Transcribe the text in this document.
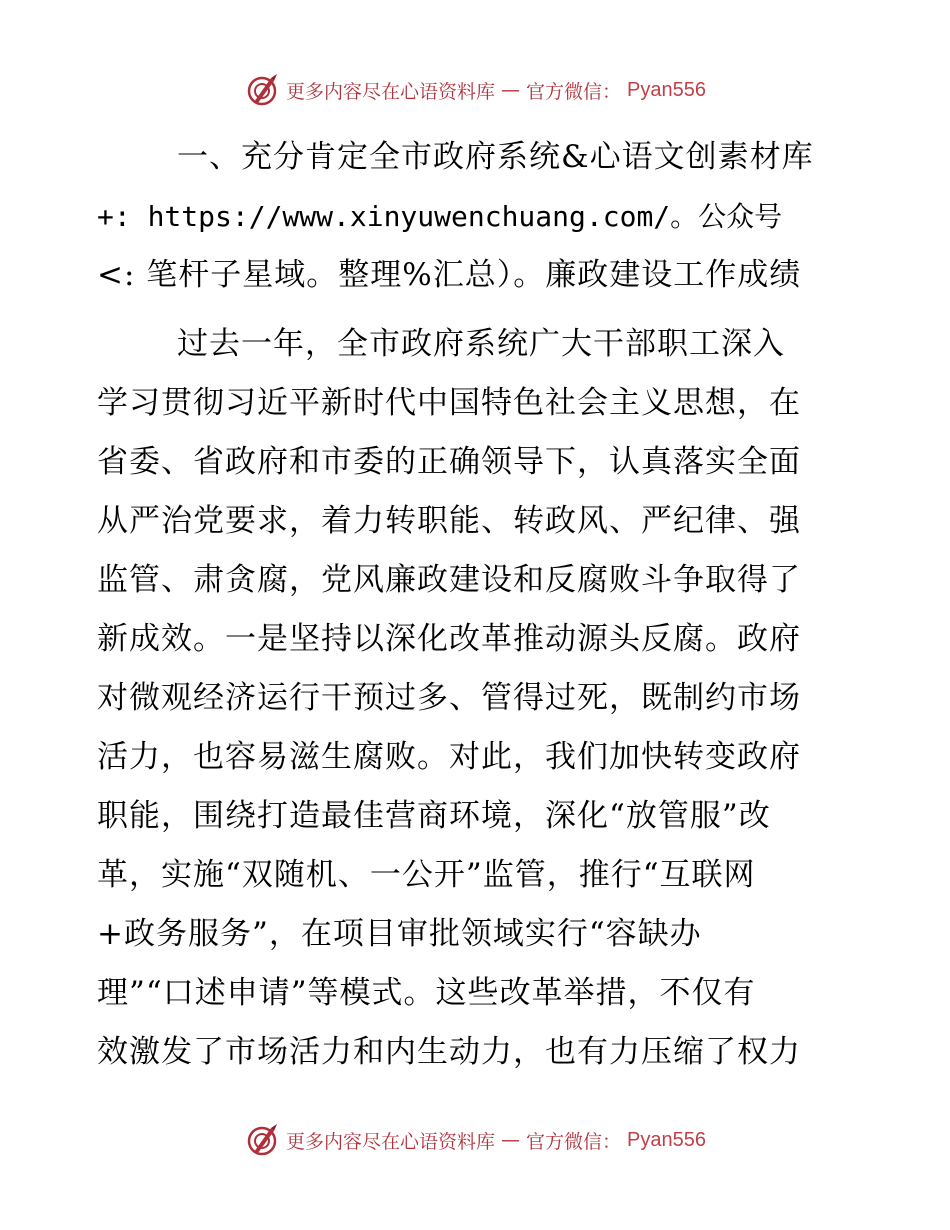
更多内容尽在心语资料库 — 官方微信： Pyan556
一、充分肯定全市政府系统&心语文创素材库
+: https://www.xinyuwenchuang.com/。公众号
<: 笔杆子星域。整理%汇总）。廉政建设工作成绩
过去一年，全市政府系统广大干部职工深入
学习贯彻习近平新时代中国特色社会主义思想，在
省委、省政府和市委的正确领导下，认真落实全面
从严治党要求，着力转职能、转政风、严纪律、强
监管、肃贪腐，党风廉政建设和反腐败斗争取得了
新成效。一是坚持以深化改革推动源头反腐。政府
对微观经济运行干预过多、管得过死，既制约市场
活力，也容易滋生腐败。对此，我们加快转变政府
职能，围绕打造最佳营商环境，深化“放管服”改
革，实施“双随机、一公开”监管，推行“互联网
+政务服务”，在项目审批领域实行“容缺办
理”“口述申请”等模式。这些改革举措，不仅有
效激发了市场活力和内生动力，也有力压缩了权力
更多内容尽在心语资料库 — 官方微信： Pyan556
